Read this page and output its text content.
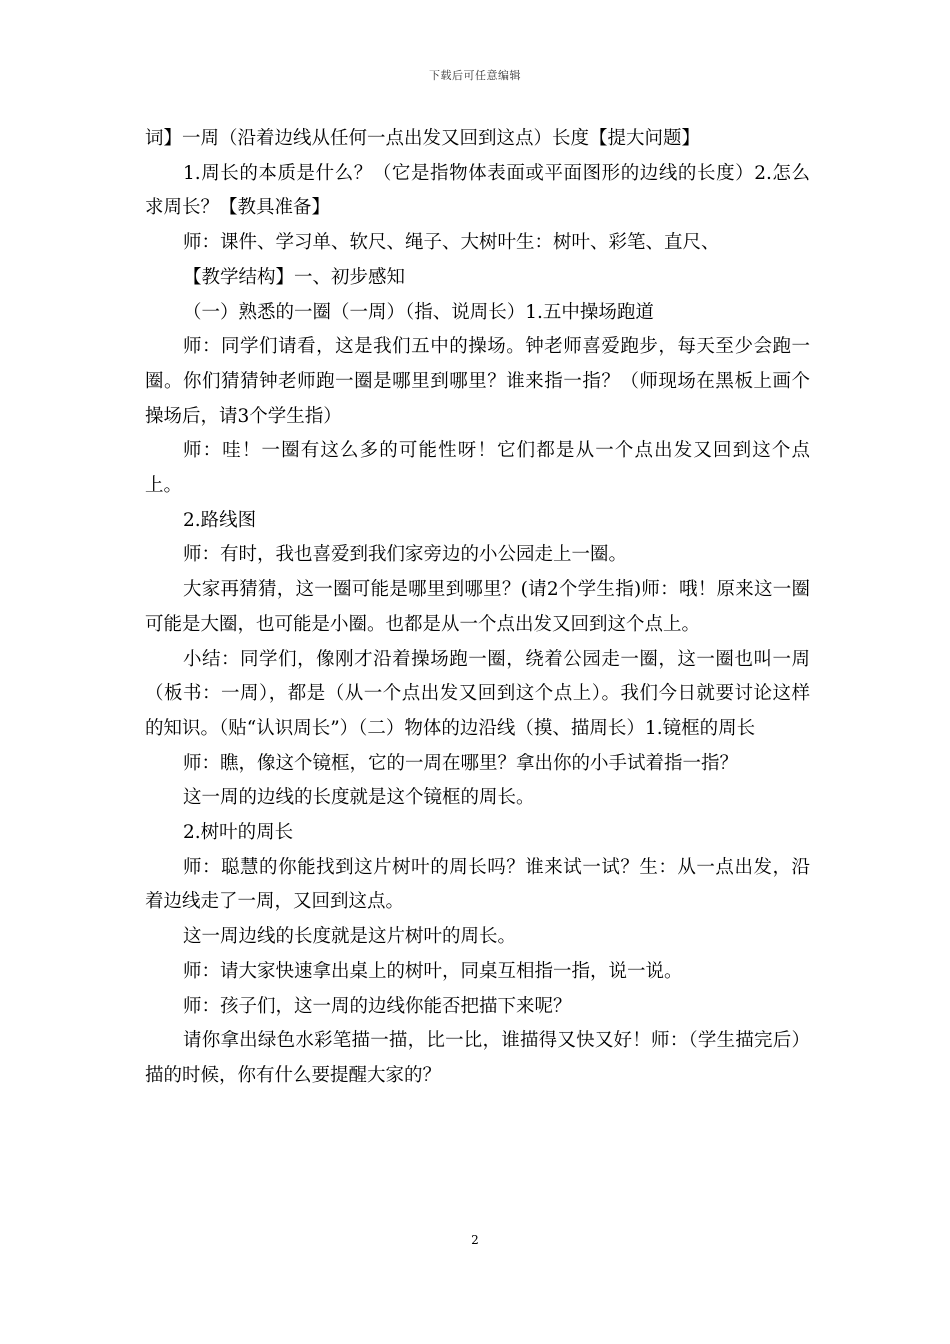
下载后可任意编辑

词】一周（沿着边线从任何一点出发又回到这点）长度【提大问题】

1.周长的本质是什么？（它是指物体表面或平面图形的边线的长度）2.怎么求周长？【教具准备】

师：课件、学习单、软尺、绳子、大树叶生：树叶、彩笔、直尺、

【教学结构】一、初步感知

（一）熟悉的一圈（一周）（指、说周长）1.五中操场跑道

师：同学们请看，这是我们五中的操场。钟老师喜爱跑步，每天至少会跑一圈。你们猜猜钟老师跑一圈是哪里到哪里？谁来指一指？（师现场在黑板上画个操场后，请3个学生指）

师：哇！一圈有这么多的可能性呀！它们都是从一个点出发又回到这个点上。

2.路线图

师：有时，我也喜爱到我们家旁边的小公园走上一圈。

大家再猜猜，这一圈可能是哪里到哪里？(请2个学生指)师：哦！原来这一圈可能是大圈，也可能是小圈。也都是从一个点出发又回到这个点上。

小结：同学们，像刚才沿着操场跑一圈，绕着公园走一圈，这一圈也叫一周（板书：一周），都是（从一个点出发又回到这个点上）。我们今日就要讨论这样的知识。（贴“认识周长”）（二）物体的边沿线（摸、描周长）1.镜框的周长

师：瞧，像这个镜框，它的一周在哪里？拿出你的小手试着指一指？

这一周的边线的长度就是这个镜框的周长。

2.树叶的周长

师：聪慧的你能找到这片树叶的周长吗？谁来试一试？生：从一点出发，沿着边线走了一周，又回到这点。

这一周边线的长度就是这片树叶的周长。

师：请大家快速拿出桌上的树叶，同桌互相指一指，说一说。

师：孩子们，这一周的边线你能否把描下来呢？

请你拿出绿色水彩笔描一描，比一比，谁描得又快又好！师：（学生描完后）描的时候，你有什么要提醒大家的？

2
